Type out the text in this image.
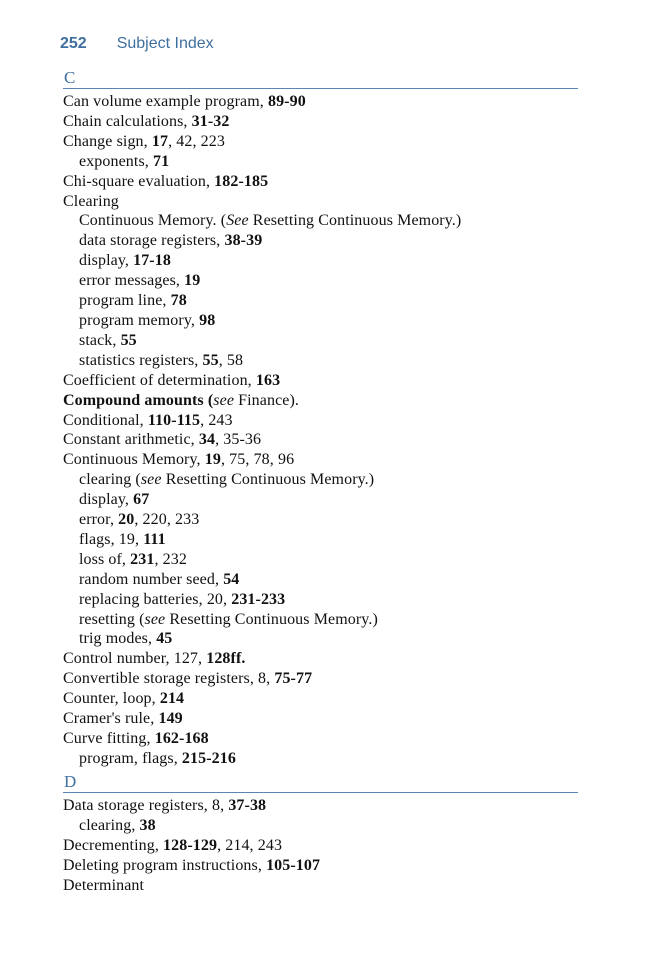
252 Subject Index
C
Can volume example program, 89-90
Chain calculations, 31-32
Change sign, 17, 42, 223
exponents, 71
Chi-square evaluation, 182-185
Clearing
Continuous Memory. (See Resetting Continuous Memory.)
data storage registers, 38-39
display, 17-18
error messages, 19
program line, 78
program memory, 98
stack, 55
statistics registers, 55, 58
Coefficient of determination, 163
Compound amounts (see Finance).
Conditional, 110-115, 243
Constant arithmetic, 34, 35-36
Continuous Memory, 19, 75, 78, 96
clearing (see Resetting Continuous Memory.)
display, 67
error, 20, 220, 233
flags, 19, 111
loss of, 231, 232
random number seed, 54
replacing batteries, 20, 231-233
resetting (see Resetting Continuous Memory.)
trig modes, 45
Control number, 127, 128ff.
Convertible storage registers, 8, 75-77
Counter, loop, 214
Cramer's rule, 149
Curve fitting, 162-168
program, flags, 215-216
D
Data storage registers, 8, 37-38
clearing, 38
Decrementing, 128-129, 214, 243
Deleting program instructions, 105-107
Determinant
